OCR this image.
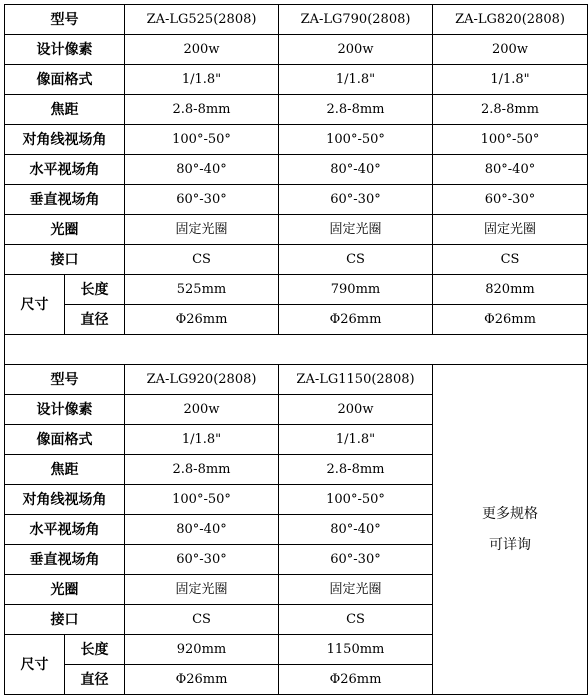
型号		ZA-LG525(2808)	ZA-LG790(2808)	ZA-LG820(2808)
设计像素		200w	200w	200w
像面格式		1/1.8"	1/1.8"	1/1.8"
焦距		2.8-8mm	2.8-8mm	2.8-8mm
对角线视场角		100°-50°	100°-50°	100°-50°
水平视场角		80°-40°	80°-40°	80°-40°
垂直视场角		60°-30°	60°-30°	60°-30°
光圈		固定光圈	固定光圈	固定光圈
接口		CS	CS	CS
尺寸	长度	525mm	790mm	820mm
	直径	Φ26mm	Φ26mm	Φ26mm

型号		ZA-LG920(2808)	ZA-LG1150(2808)	更多规格
可详询
设计像素		200w	200w	
像面格式		1/1.8"	1/1.8"	
焦距		2.8-8mm	2.8-8mm	
对角线视场角		100°-50°	100°-50°	
水平视场角		80°-40°	80°-40°	
垂直视场角		60°-30°	60°-30°	
光圈		固定光圈	固定光圈	
接口		CS	CS	
尺寸	长度	920mm	1150mm	
	直径	Φ26mm	Φ26mm	
